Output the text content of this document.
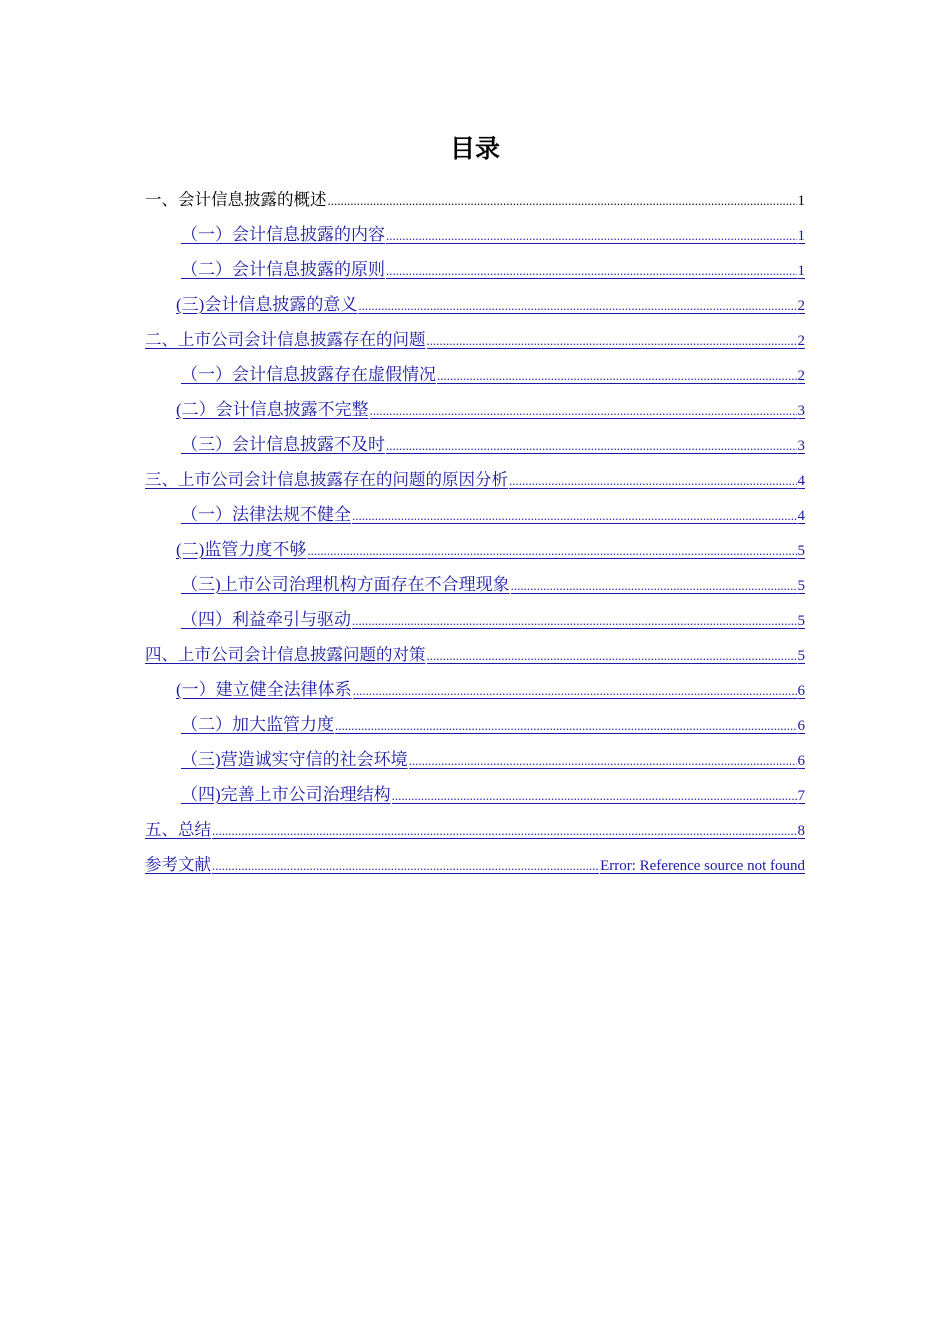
目录
一、会计信息披露的概述 .....	1
（一）会计信息披露的内容 .....	1
（二）会计信息披露的原则 .....	1
(三)会计信息披露的意义 .....	2
二、上市公司会计信息披露存在的问题 .....	2
（一）会计信息披露存在虚假情况 .....	2
(二）会计信息披露不完整 .....	3
（三）会计信息披露不及时 .....	3
三、上市公司会计信息披露存在的问题的原因分析 .....	4
（一）法律法规不健全 .....	4
(二)监管力度不够 .....	5
（三)上市公司治理机构方面存在不合理现象 .....	5
（四）利益牵引与驱动 .....	5
四、上市公司会计信息披露问题的对策 .....	5
(一）建立健全法律体系 .....	6
（二）加大监管力度 .....	6
（三)营造诚实守信的社会环境 .....	6
（四)完善上市公司治理结构 .....	7
五、总结 .....	8
参考文献 .....	Error: Reference source not found
